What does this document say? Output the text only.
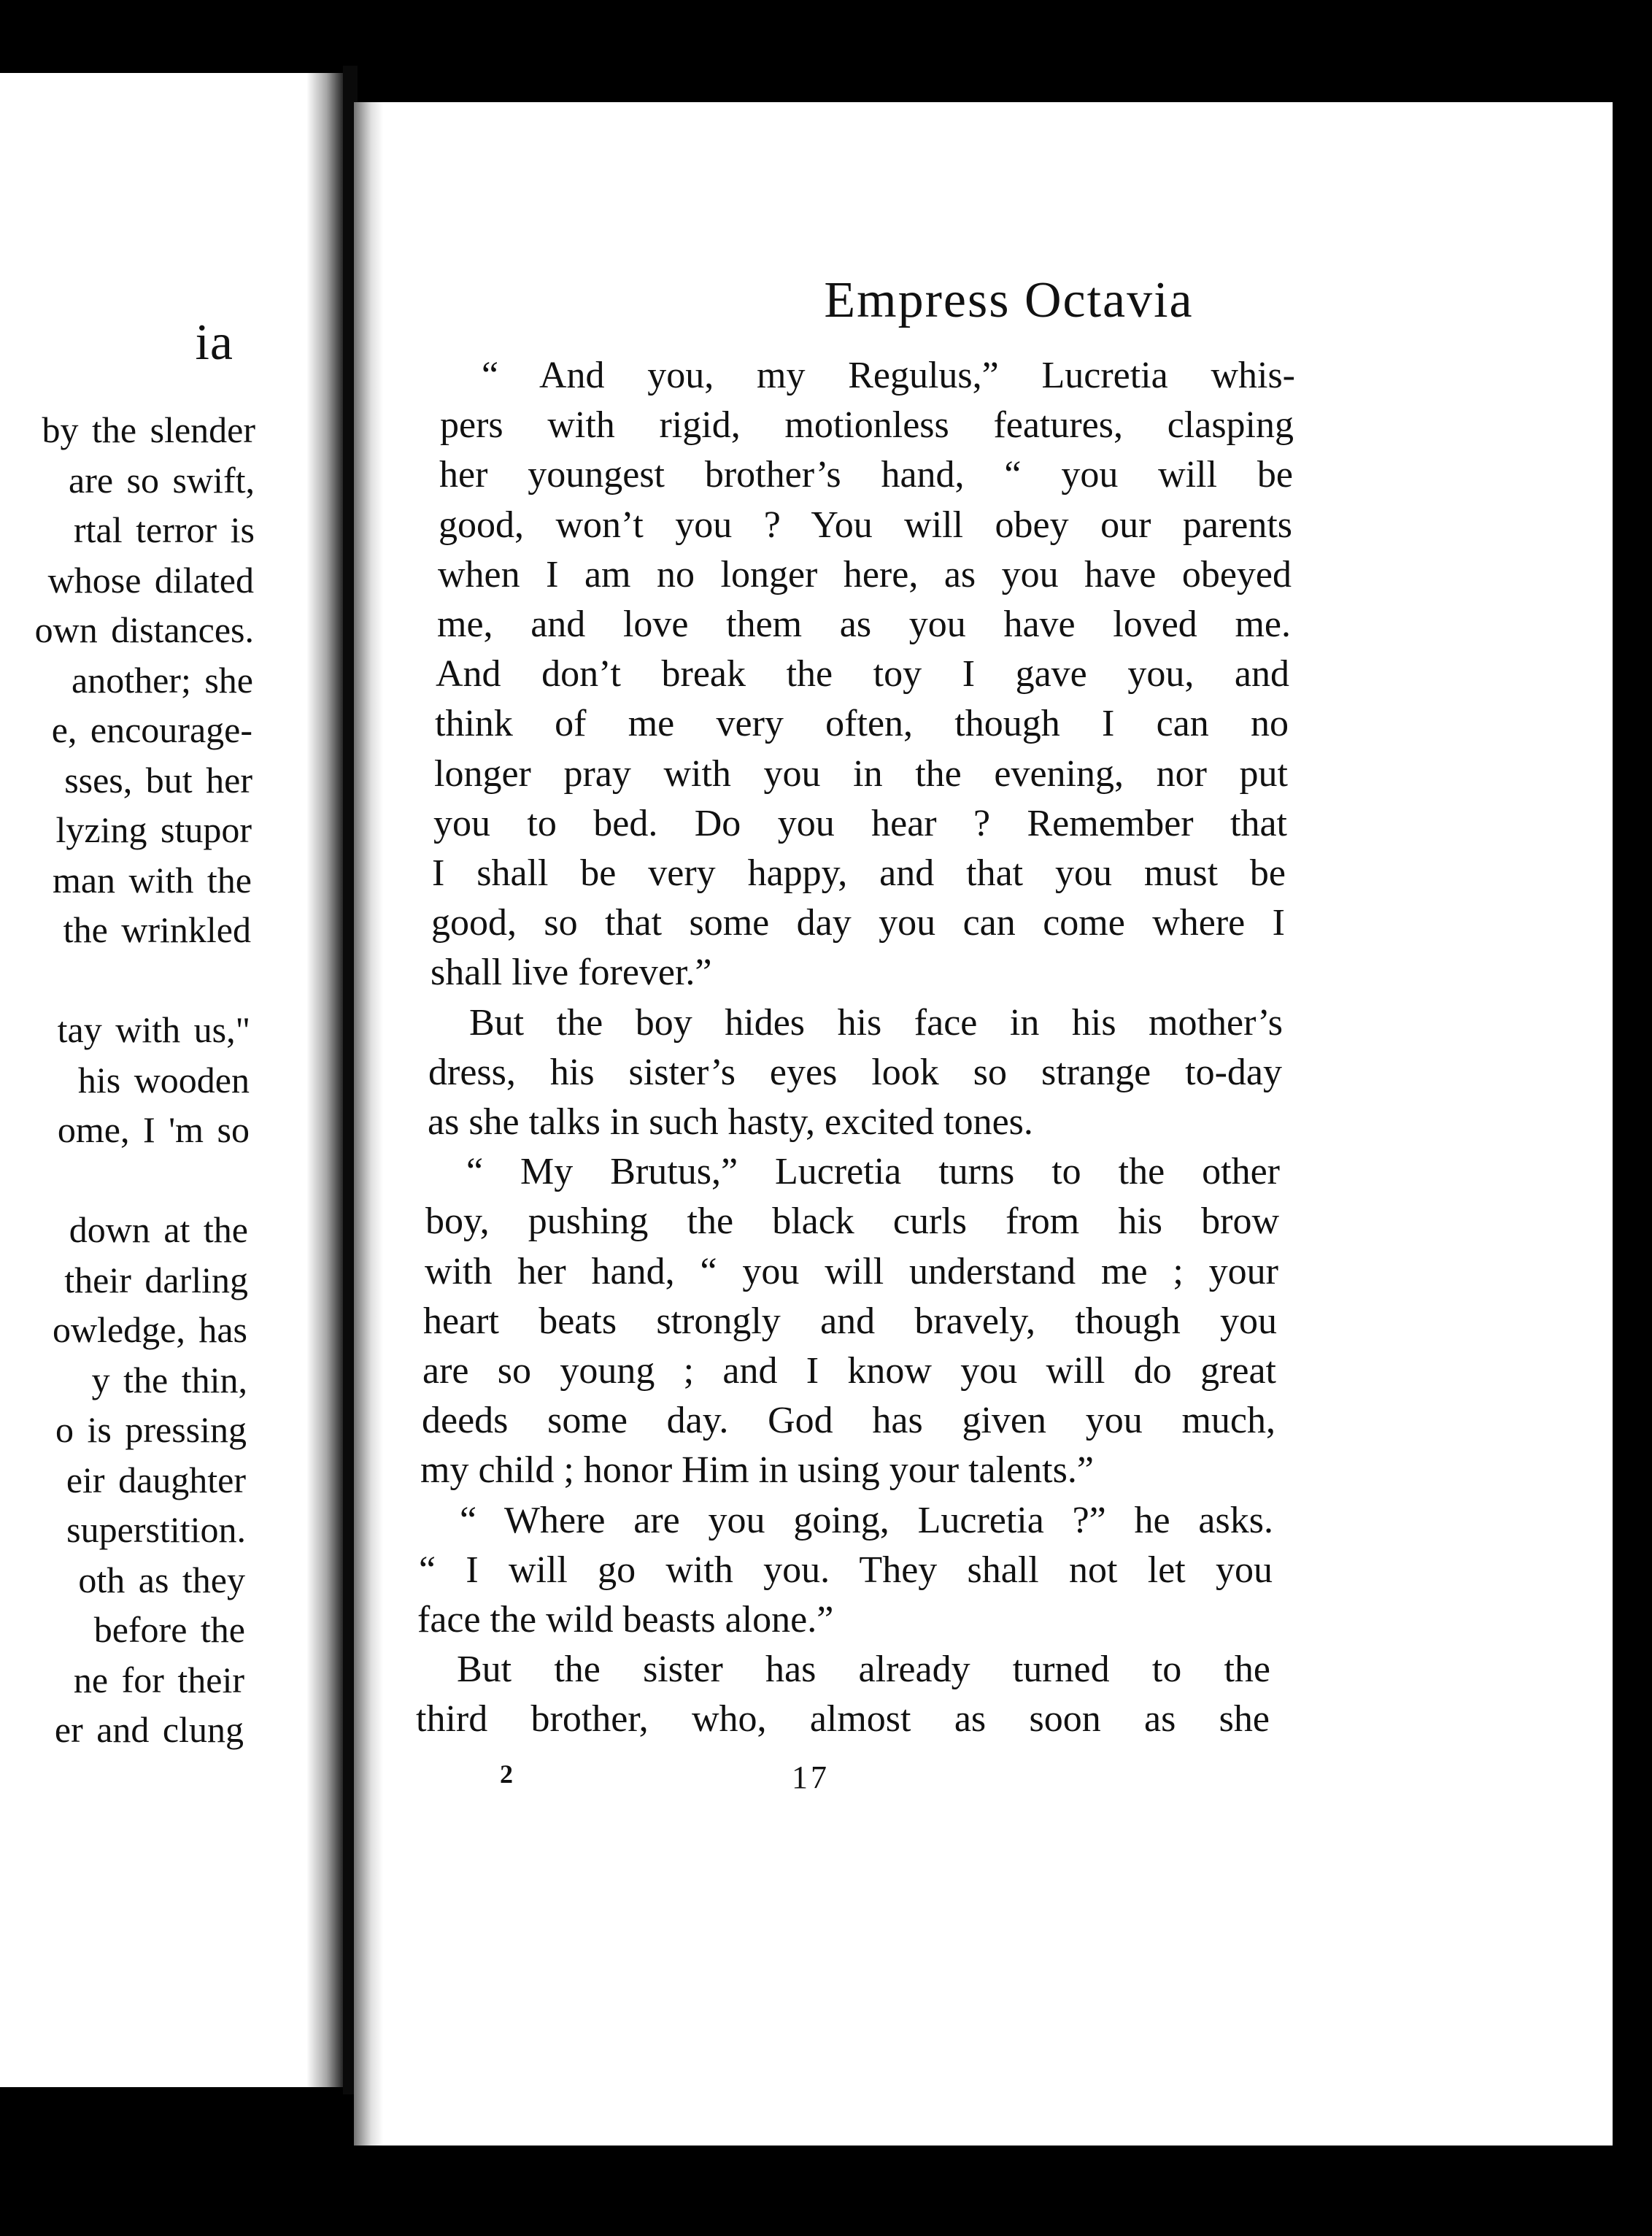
ia
by the slender
are so swift,
rtal terror is
whose dilated
own distances.
another; she
e, encourage-
sses, but her
lyzing stupor
man with the
the wrinkled
tay with us,"
his wooden
ome, I 'm so
down at the
their darling
owledge, has
y the thin,
o is pressing
eir daughter
superstition.
oth as they
before the
ne for their
er and clung
Empress Octavia
“ And you, my Regulus,” Lucretia whis-
pers with rigid, motionless features, clasping
her youngest brother’s hand, “ you will be
good, won’t you ? You will obey our parents
when I am no longer here, as you have obeyed
me, and love them as you have loved me.
And don’t break the toy I gave you, and
think of me very often, though I can no
longer pray with you in the evening, nor put
you to bed. Do you hear ? Remember that
I shall be very happy, and that you must be
good, so that some day you can come where I
shall live forever.”
But the boy hides his face in his mother’s
dress, his sister’s eyes look so strange to-day
as she talks in such hasty, excited tones.
“ My Brutus,” Lucretia turns to the other
boy, pushing the black curls from his brow
with her hand, “ you will understand me ; your
heart beats strongly and bravely, though you
are so young ; and I know you will do great
deeds some day. God has given you much,
my child ; honor Him in using your talents.”
“ Where are you going, Lucretia ?” he asks.
“ I will go with you. They shall not let you
face the wild beasts alone.”
But the sister has already turned to the
third brother, who, almost as soon as she
2	17
